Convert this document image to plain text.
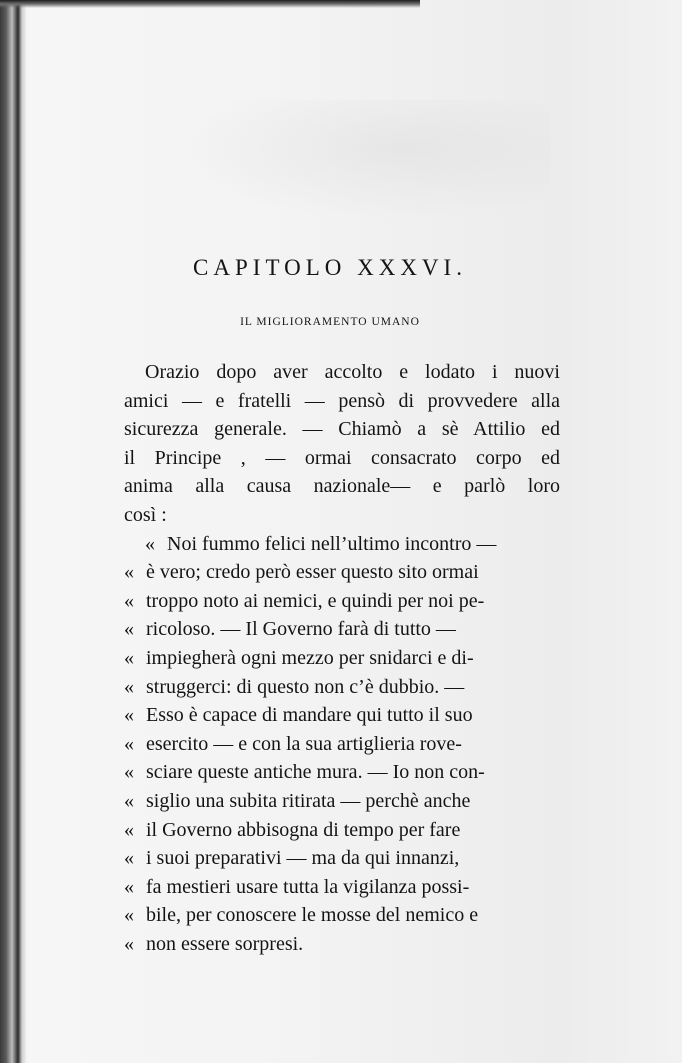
CAPITOLO XXXVI.
IL MIGLIORAMENTO UMANO
Orazio dopo aver accolto e lodato i nuovi
amici — e fratelli — pensò di provvedere alla
sicurezza generale. — Chiamò a sè Attilio ed
il Principe , — ormai consacrato corpo ed
anima alla causa nazionale— e parlò loro
così :
« Noi fummo felici nell’ultimo incontro —
« è vero; credo però esser questo sito ormai
« troppo noto ai nemici, e quindi per noi pe-
« ricoloso. — Il Governo farà di tutto —
« impiegherà ogni mezzo per snidarci e di-
« struggerci: di questo non c’è dubbio. —
« Esso è capace di mandare qui tutto il suo
« esercito — e con la sua artiglieria rove-
« sciare queste antiche mura. — Io non con-
« siglio una subita ritirata — perchè anche
« il Governo abbisogna di tempo per fare
« i suoi preparativi — ma da qui innanzi,
« fa mestieri usare tutta la vigilanza possi-
« bile, per conoscere le mosse del nemico e
« non essere sorpresi.
